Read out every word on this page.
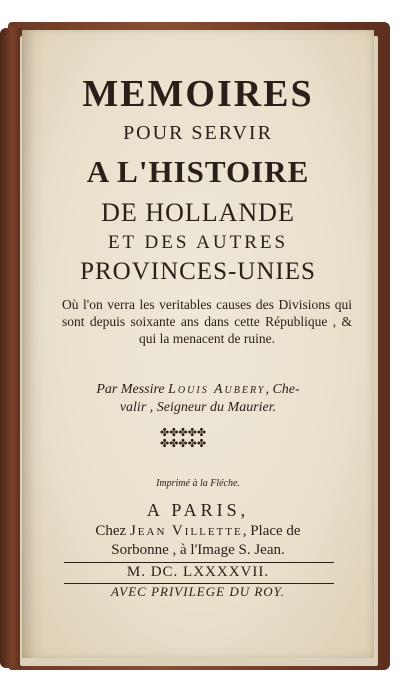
MEMOIRES
POUR SERVIR
A L'HISTOIRE
DE HOLLANDE
ET DES AUTRES
PROVINCES-UNIES
Où l'on verra les veritables causes des Divisions qui sont depuis soixante ans dans cette République , & qui la menacent de ruine.
Par Messire Louis Aubery, Che-
valir , Seigneur du Maurier.
✤✤✤✤✤
✤✤✤✤✤
Imprimé à la Fléche.
A PARIS,
Chez Jean Villette, Place de
Sorbonne , à l'Image S. Jean.
M. DC. LXXXXVII.
AVEC PRIVILEGE DU ROY.
